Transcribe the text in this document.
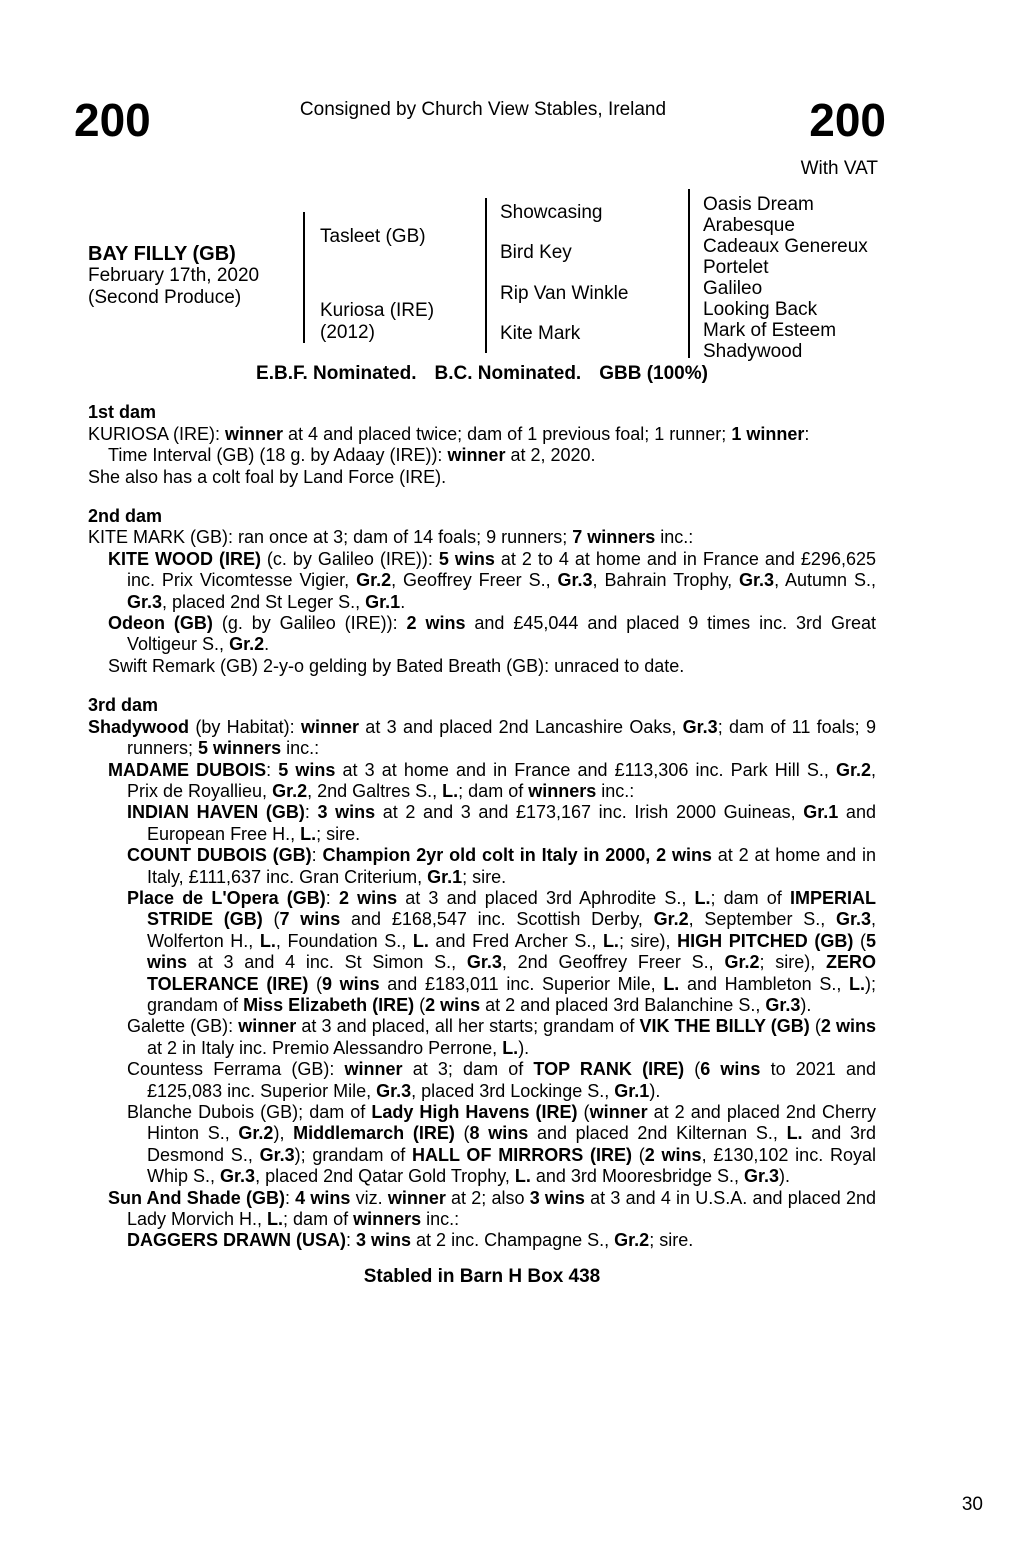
200	Consigned by Church View Stables, Ireland	200
With VAT
BAY FILLY (GB)
February 17th, 2020
(Second Produce)
Tasleet (GB)
Kuriosa (IRE)
(2012)
Showcasing
Bird Key
Rip Van Winkle
Kite Mark
Oasis Dream
Arabesque
Cadeaux Genereux
Portelet
Galileo
Looking Back
Mark of Esteem
Shadywood
E.B.F. Nominated. B.C. Nominated. GBB (100%)
1st dam

KURIOSA (IRE): winner at 4 and placed twice; dam of 1 previous foal; 1 runner; 1 winner:

Time Interval (GB) (18 g. by Adaay (IRE)): winner at 2, 2020.

She also has a colt foal by Land Force (IRE).

2nd dam

KITE MARK (GB): ran once at 3; dam of 14 foals; 9 runners; 7 winners inc.:

KITE WOOD (IRE) (c. by Galileo (IRE)): 5 wins at 2 to 4 at home and in France and £296,625 inc. Prix Vicomtesse Vigier, Gr.2, Geoffrey Freer S., Gr.3, Bahrain Trophy, Gr.3, Autumn S., Gr.3, placed 2nd St Leger S., Gr.1.

Odeon (GB) (g. by Galileo (IRE)): 2 wins and £45,044 and placed 9 times inc. 3rd Great Voltigeur S., Gr.2.

Swift Remark (GB) 2-y-o gelding by Bated Breath (GB): unraced to date.

3rd dam

Shadywood (by Habitat): winner at 3 and placed 2nd Lancashire Oaks, Gr.3; dam of 11 foals; 9 runners; 5 winners inc.:

MADAME DUBOIS: 5 wins at 3 at home and in France and £113,306 inc. Park Hill S., Gr.2, Prix de Royallieu, Gr.2, 2nd Galtres S., L.; dam of winners inc.:

INDIAN HAVEN (GB): 3 wins at 2 and 3 and £173,167 inc. Irish 2000 Guineas, Gr.1 and European Free H., L.; sire.

COUNT DUBOIS (GB): Champion 2yr old colt in Italy in 2000, 2 wins at 2 at home and in Italy, £111,637 inc. Gran Criterium, Gr.1; sire.

Place de L'Opera (GB): 2 wins at 3 and placed 3rd Aphrodite S., L.; dam of IMPERIAL STRIDE (GB) (7 wins and £168,547 inc. Scottish Derby, Gr.2, September S., Gr.3, Wolferton H., L., Foundation S., L. and Fred Archer S., L.; sire), HIGH PITCHED (GB) (5 wins at 3 and 4 inc. St Simon S., Gr.3, 2nd Geoffrey Freer S., Gr.2; sire), ZERO TOLERANCE (IRE) (9 wins and £183,011 inc. Superior Mile, L. and Hambleton S., L.); grandam of Miss Elizabeth (IRE) (2 wins at 2 and placed 3rd Balanchine S., Gr.3).

Galette (GB): winner at 3 and placed, all her starts; grandam of VIK THE BILLY (GB) (2 wins at 2 in Italy inc. Premio Alessandro Perrone, L.).

Countess Ferrama (GB): winner at 3; dam of TOP RANK (IRE) (6 wins to 2021 and £125,083 inc. Superior Mile, Gr.3, placed 3rd Lockinge S., Gr.1).

Blanche Dubois (GB); dam of Lady High Havens (IRE) (winner at 2 and placed 2nd Cherry Hinton S., Gr.2), Middlemarch (IRE) (8 wins and placed 2nd Kilternan S., L. and 3rd Desmond S., Gr.3); grandam of HALL OF MIRRORS (IRE) (2 wins, £130,102 inc. Royal Whip S., Gr.3, placed 2nd Qatar Gold Trophy, L. and 3rd Mooresbridge S., Gr.3).

Sun And Shade (GB): 4 wins viz. winner at 2; also 3 wins at 3 and 4 in U.S.A. and placed 2nd Lady Morvich H., L.; dam of winners inc.:

DAGGERS DRAWN (USA): 3 wins at 2 inc. Champagne S., Gr.2; sire.

Stabled in Barn H Box 438
30
